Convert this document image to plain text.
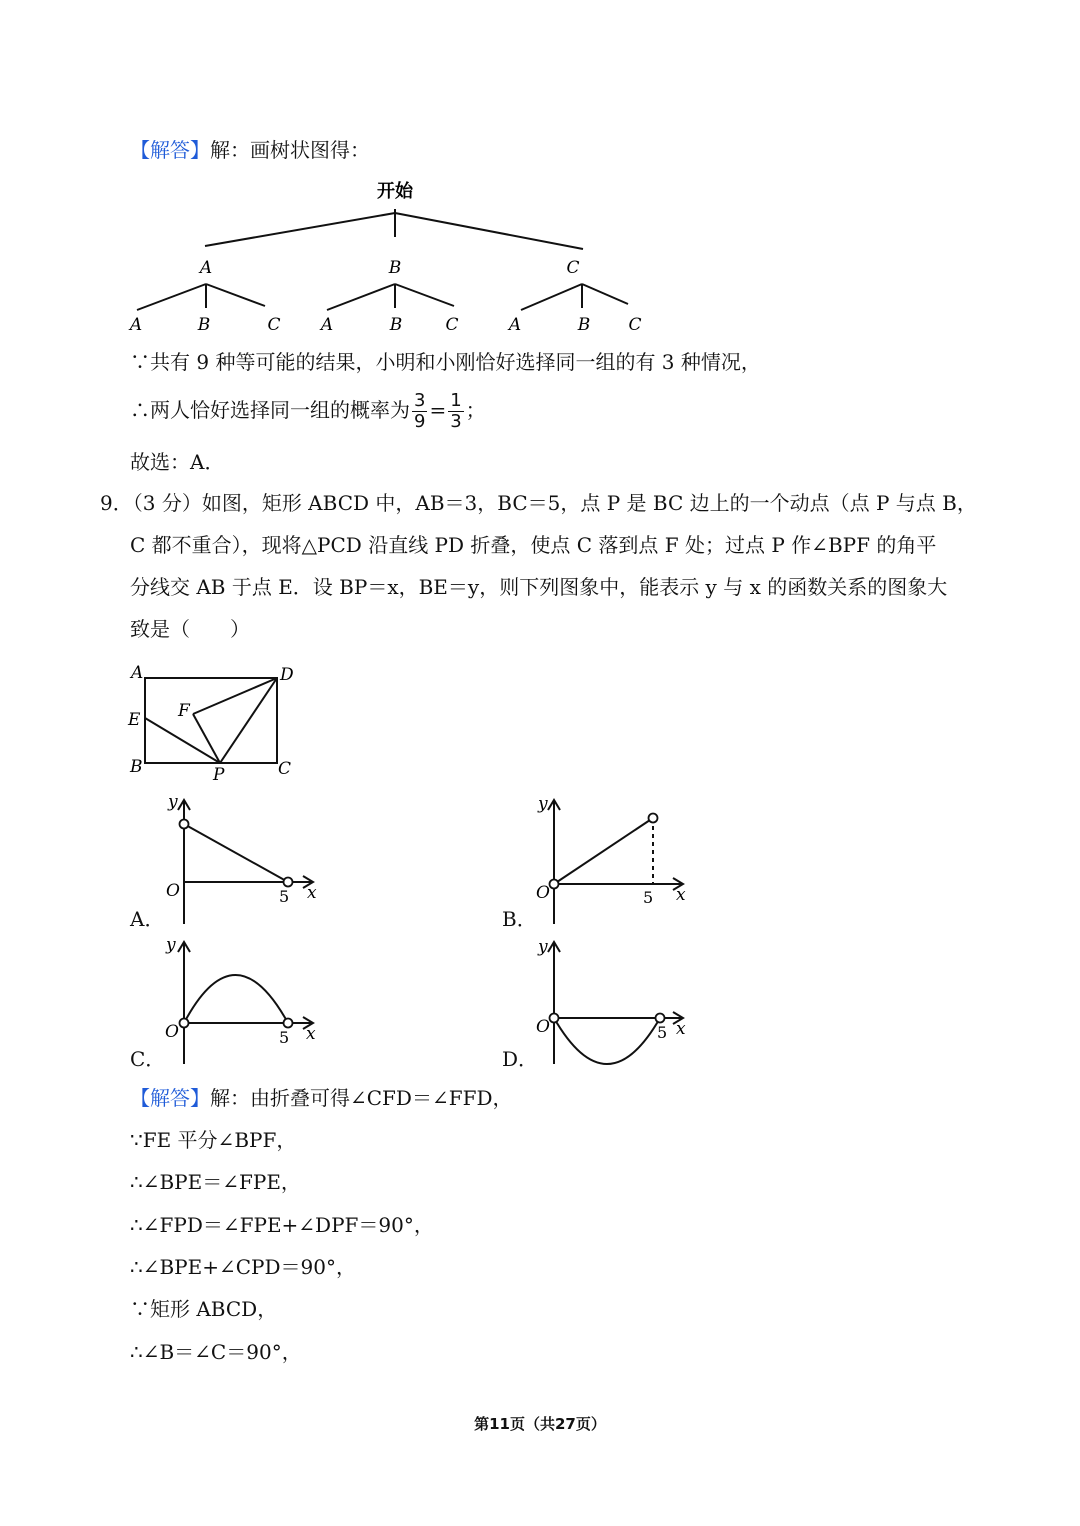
【解答】解：画树状图得：
开始
A	B	C
A	B	C A	B	C	A	B C
∵共有 9 种等可能的结果，小明和小刚恰好选择同一组的有 3 种情况，
∴两人恰好选择同一组的概率为 $\frac{3}{9} = \frac{1}{3}$ ；
故选：A．
9．（3 分）如图，矩形 ABCD 中，AB＝3，BC＝5，点 P 是 BC 边上的一个动点（点 P 与点 B，
C 都不重合），现将△PCD 沿直线 PD 折叠，使点 C 落到点 F 处；过点 P 作∠BPF 的角平
分线交 AB 于点 E．设 BP＝x，BE＝y，则下列图象中，能表示 y 与 x 的函数关系的图象大
致是（　　）
A	D
E F
B	P	C
y
O	5 x
A．
y
O	5 x
B．
y
O	5 x
C．
y
O	5 x
D．
【解答】解：由折叠可得∠CFD＝∠FFD，
∵FE 平分∠BPF，
∴∠BPE＝∠FPE，
∴∠FPD＝∠FPE+∠DPF＝90°，
∴∠BPE+∠CPD＝90°，
∵矩形 ABCD，
∴∠B＝∠C＝90°，
第11页（共27页）
